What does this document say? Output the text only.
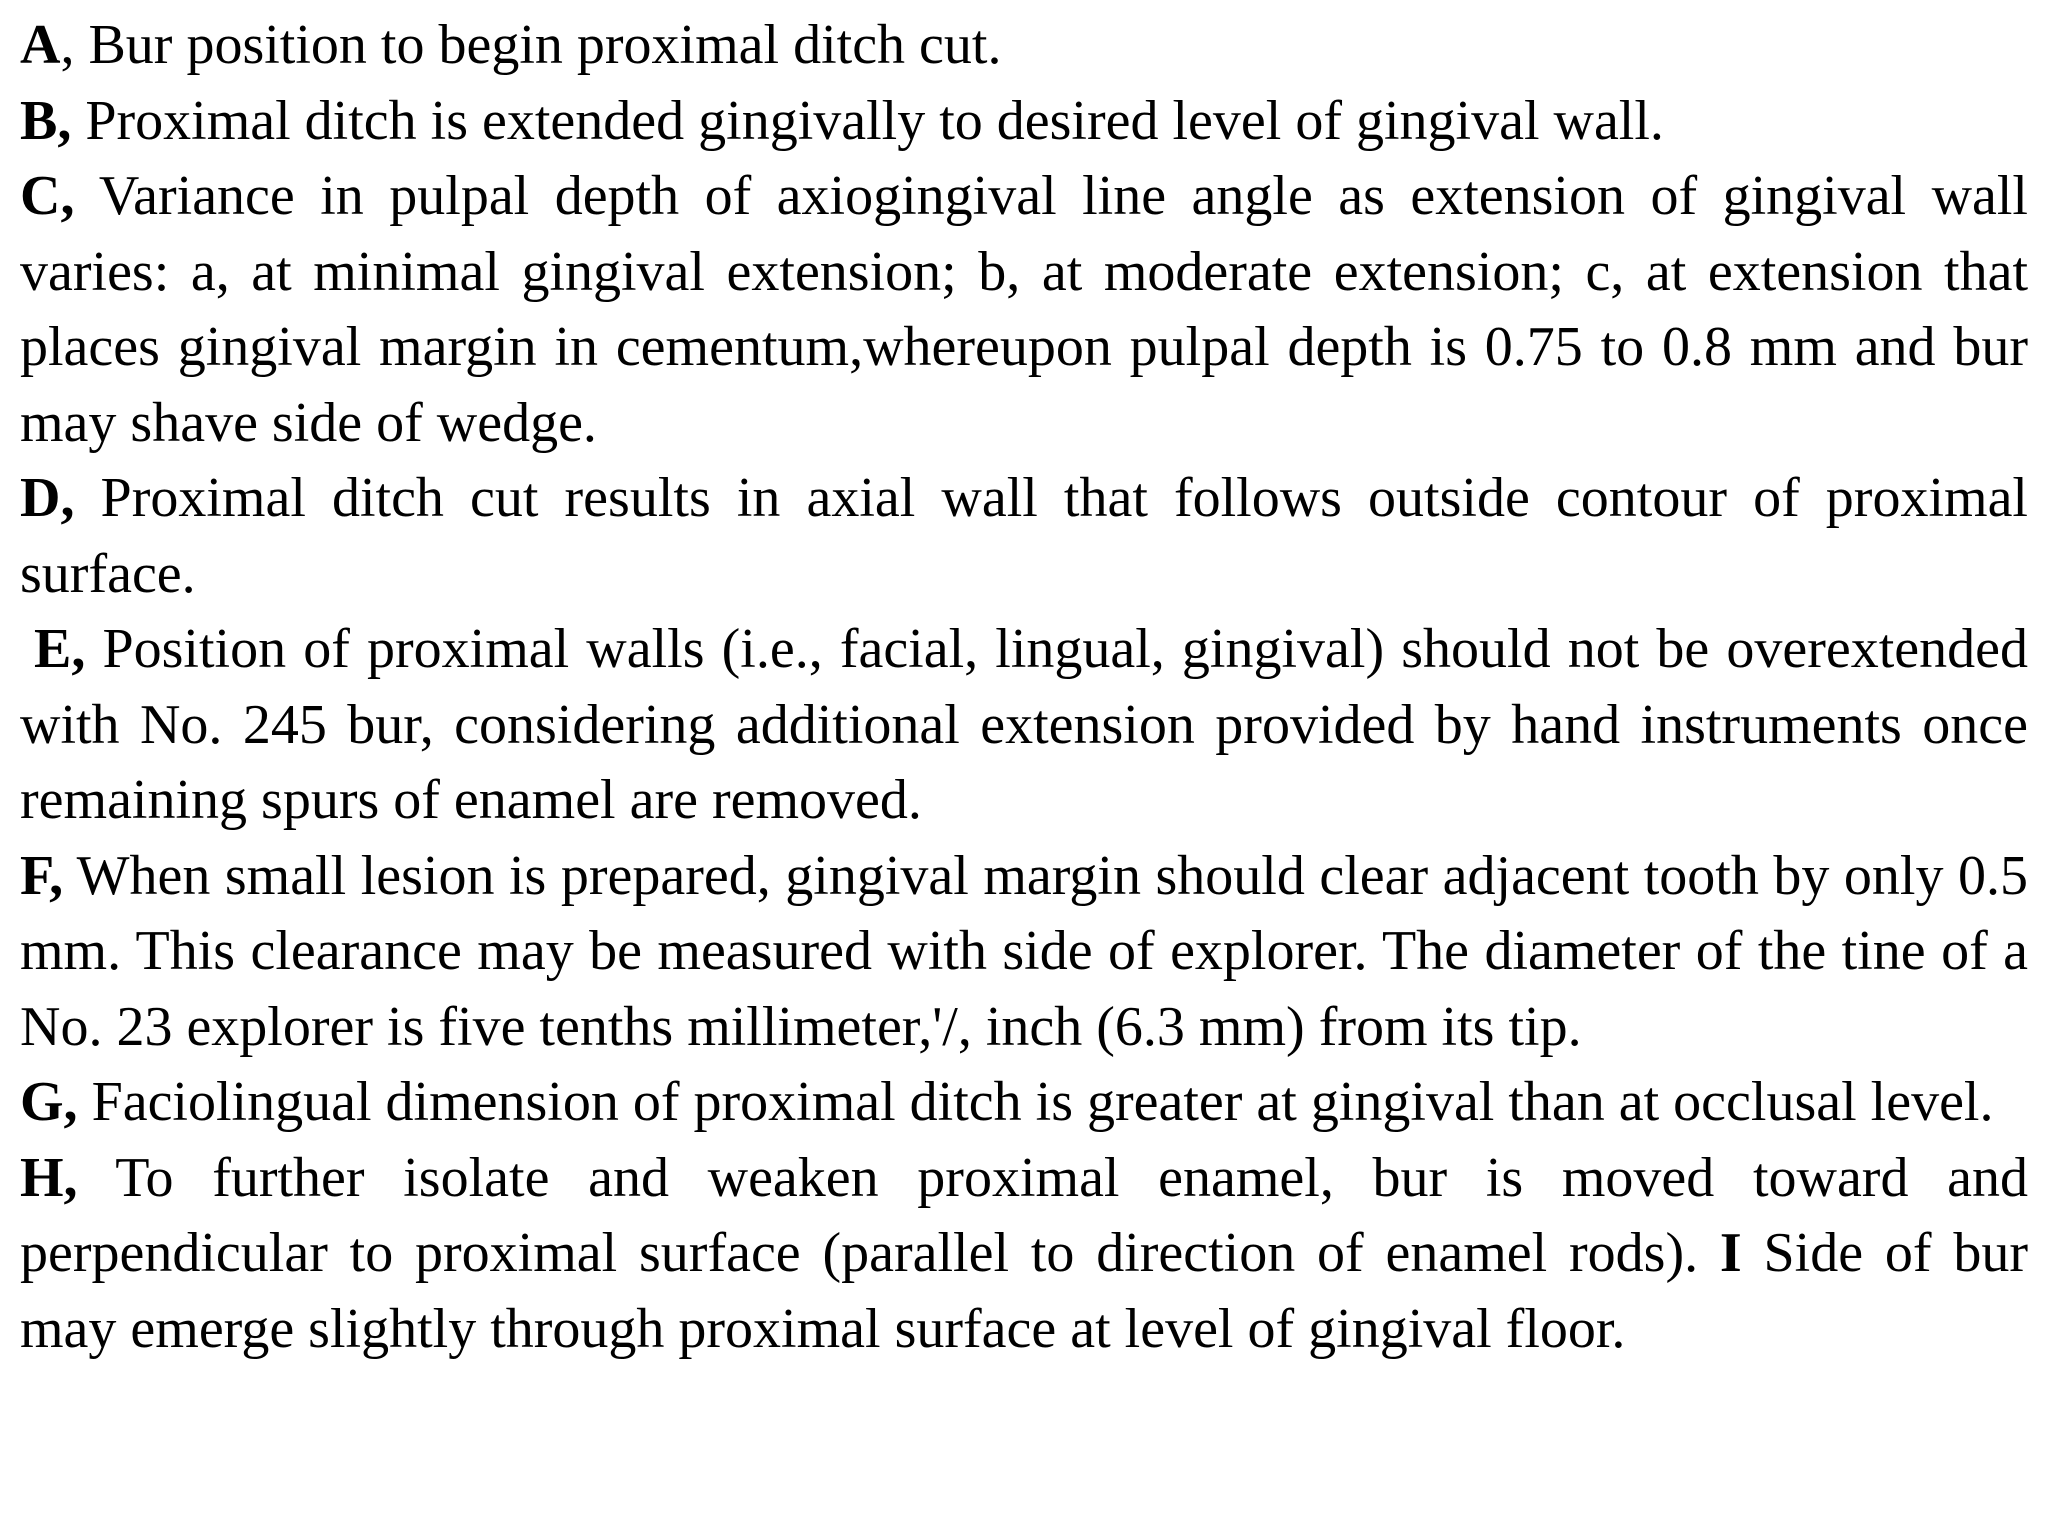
A, Bur position to begin proximal ditch cut.

B, Proximal ditch is extended gingivally to desired level of gingival wall.

C, Variance in pulpal depth of axiogingival line angle as extension of gingival wall varies: a, at minimal gingival extension; b, at moderate extension; c, at extension that places gingival margin in cementum,whereupon pulpal depth is 0.75 to 0.8 mm and bur may shave side of wedge.

D, Proximal ditch cut results in axial wall that follows outside contour of proximal surface.

E, Position of proximal walls (i.e., facial, lingual, gingival) should not be overextended with No. 245 bur, considering additional extension provided by hand instruments once remaining spurs of enamel are removed.

F, When small lesion is prepared, gingival margin should clear adjacent tooth by only 0.5 mm. This clearance may be measured with side of explorer. The diameter of the tine of a No. 23 explorer is five tenths millimeter,'/, inch (6.3 mm) from its tip.

G, Faciolingual dimension of proximal ditch is greater at gingival than at occlusal level.

H, To further isolate and weaken proximal enamel, bur is moved toward and perpendicular to proximal surface (parallel to direction of enamel rods). I Side of bur may emerge slightly through proximal surface at level of gingival floor.
